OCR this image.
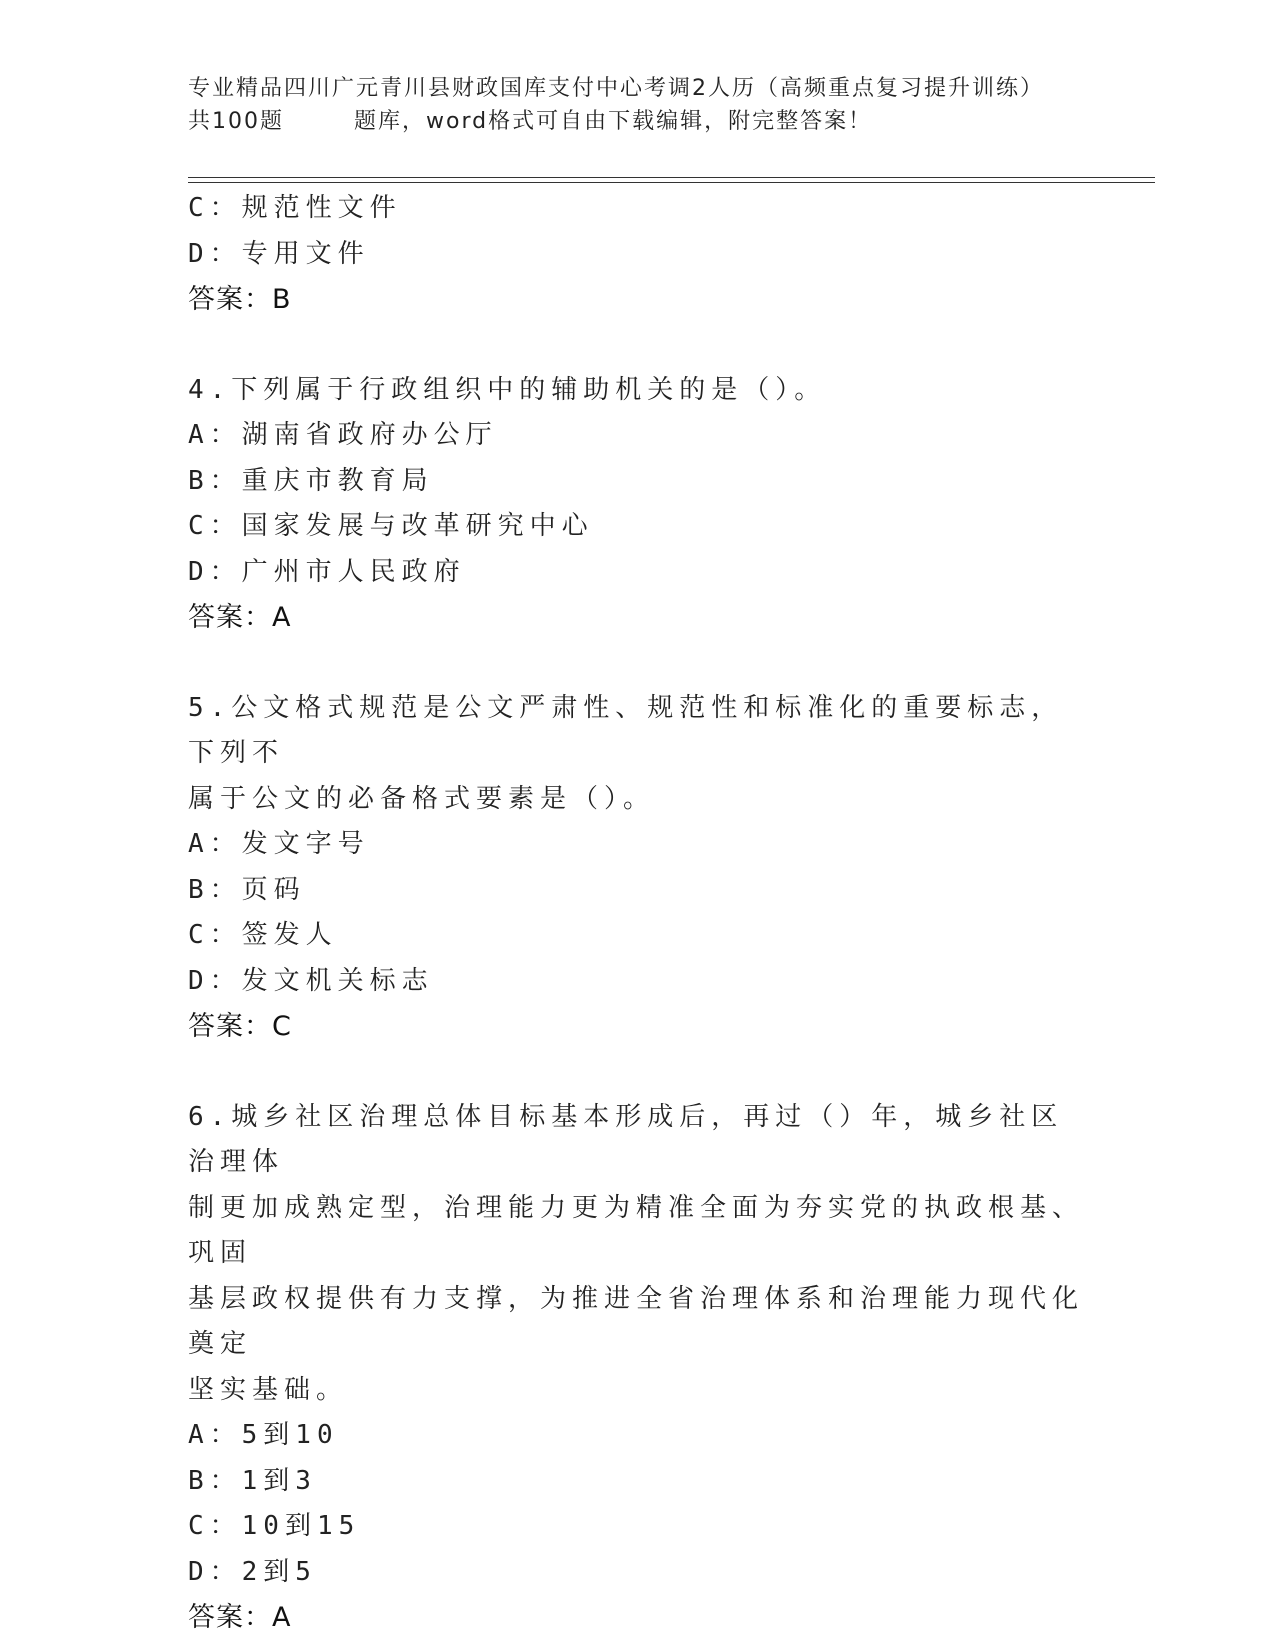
专业精品四川广元青川县财政国库支付中心考调2人历（高频重点复习提升训练）
共100题	题库，word格式可自由下载编辑，附完整答案！
C：规范性文件
D：专用文件
答案：B
4.下列属于行政组织中的辅助机关的是（）。
A：湖南省政府办公厅
B：重庆市教育局
C：国家发展与改革研究中心
D：广州市人民政府
答案：A
5.公文格式规范是公文严肃性、规范性和标准化的重要标志，下列不
属于公文的必备格式要素是（）。
A：发文字号
B：页码
C：签发人
D：发文机关标志
答案：C
6.城乡社区治理总体目标基本形成后，再过（）年，城乡社区治理体
制更加成熟定型，治理能力更为精准全面为夯实党的执政根基、巩固
基层政权提供有力支撑，为推进全省治理体系和治理能力现代化奠定
坚实基础。
A：5到10
B：1到3
C：10到15
D：2到5
答案：A
